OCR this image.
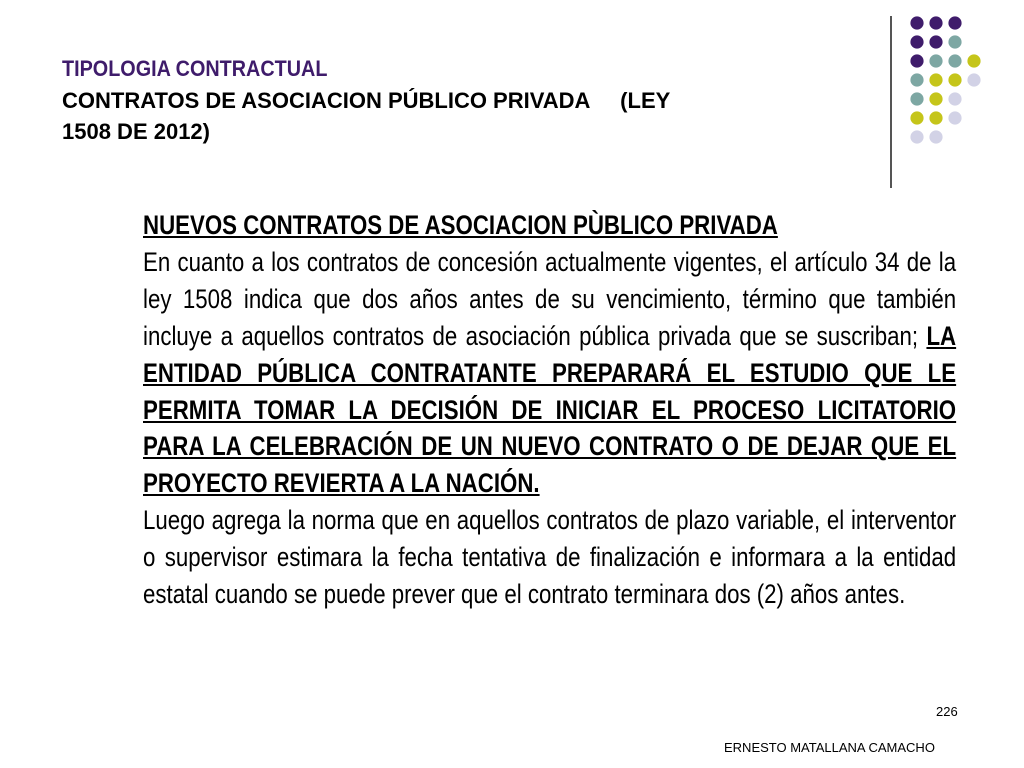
TIPOLOGIA CONTRACTUAL
CONTRATOS DE ASOCIACION PÚBLICO PRIVADA     (LEY
1508 DE 2012)
NUEVOS CONTRATOS DE ASOCIACION PÙBLICO PRIVADA
En cuanto a los contratos de concesión actualmente vigentes, el artículo 34 de la ley 1508 indica que dos años antes de su vencimiento, término que también incluye a aquellos contratos de asociación pública privada que se suscriban; LA ENTIDAD PÚBLICA CONTRATANTE PREPARARÁ EL ESTUDIO QUE LE PERMITA TOMAR LA DECISIÓN DE INICIAR EL PROCESO LICITATORIO PARA LA CELEBRACIÓN DE UN NUEVO CONTRATO O DE DEJAR QUE EL PROYECTO REVIERTA A LA NACIÓN.
Luego agrega la norma que en aquellos contratos de plazo variable, el interventor o supervisor estimara la fecha tentativa de finalización e informara a la entidad estatal cuando se puede prever que el contrato terminara dos (2) años antes.
226
ERNESTO MATALLANA CAMACHO
